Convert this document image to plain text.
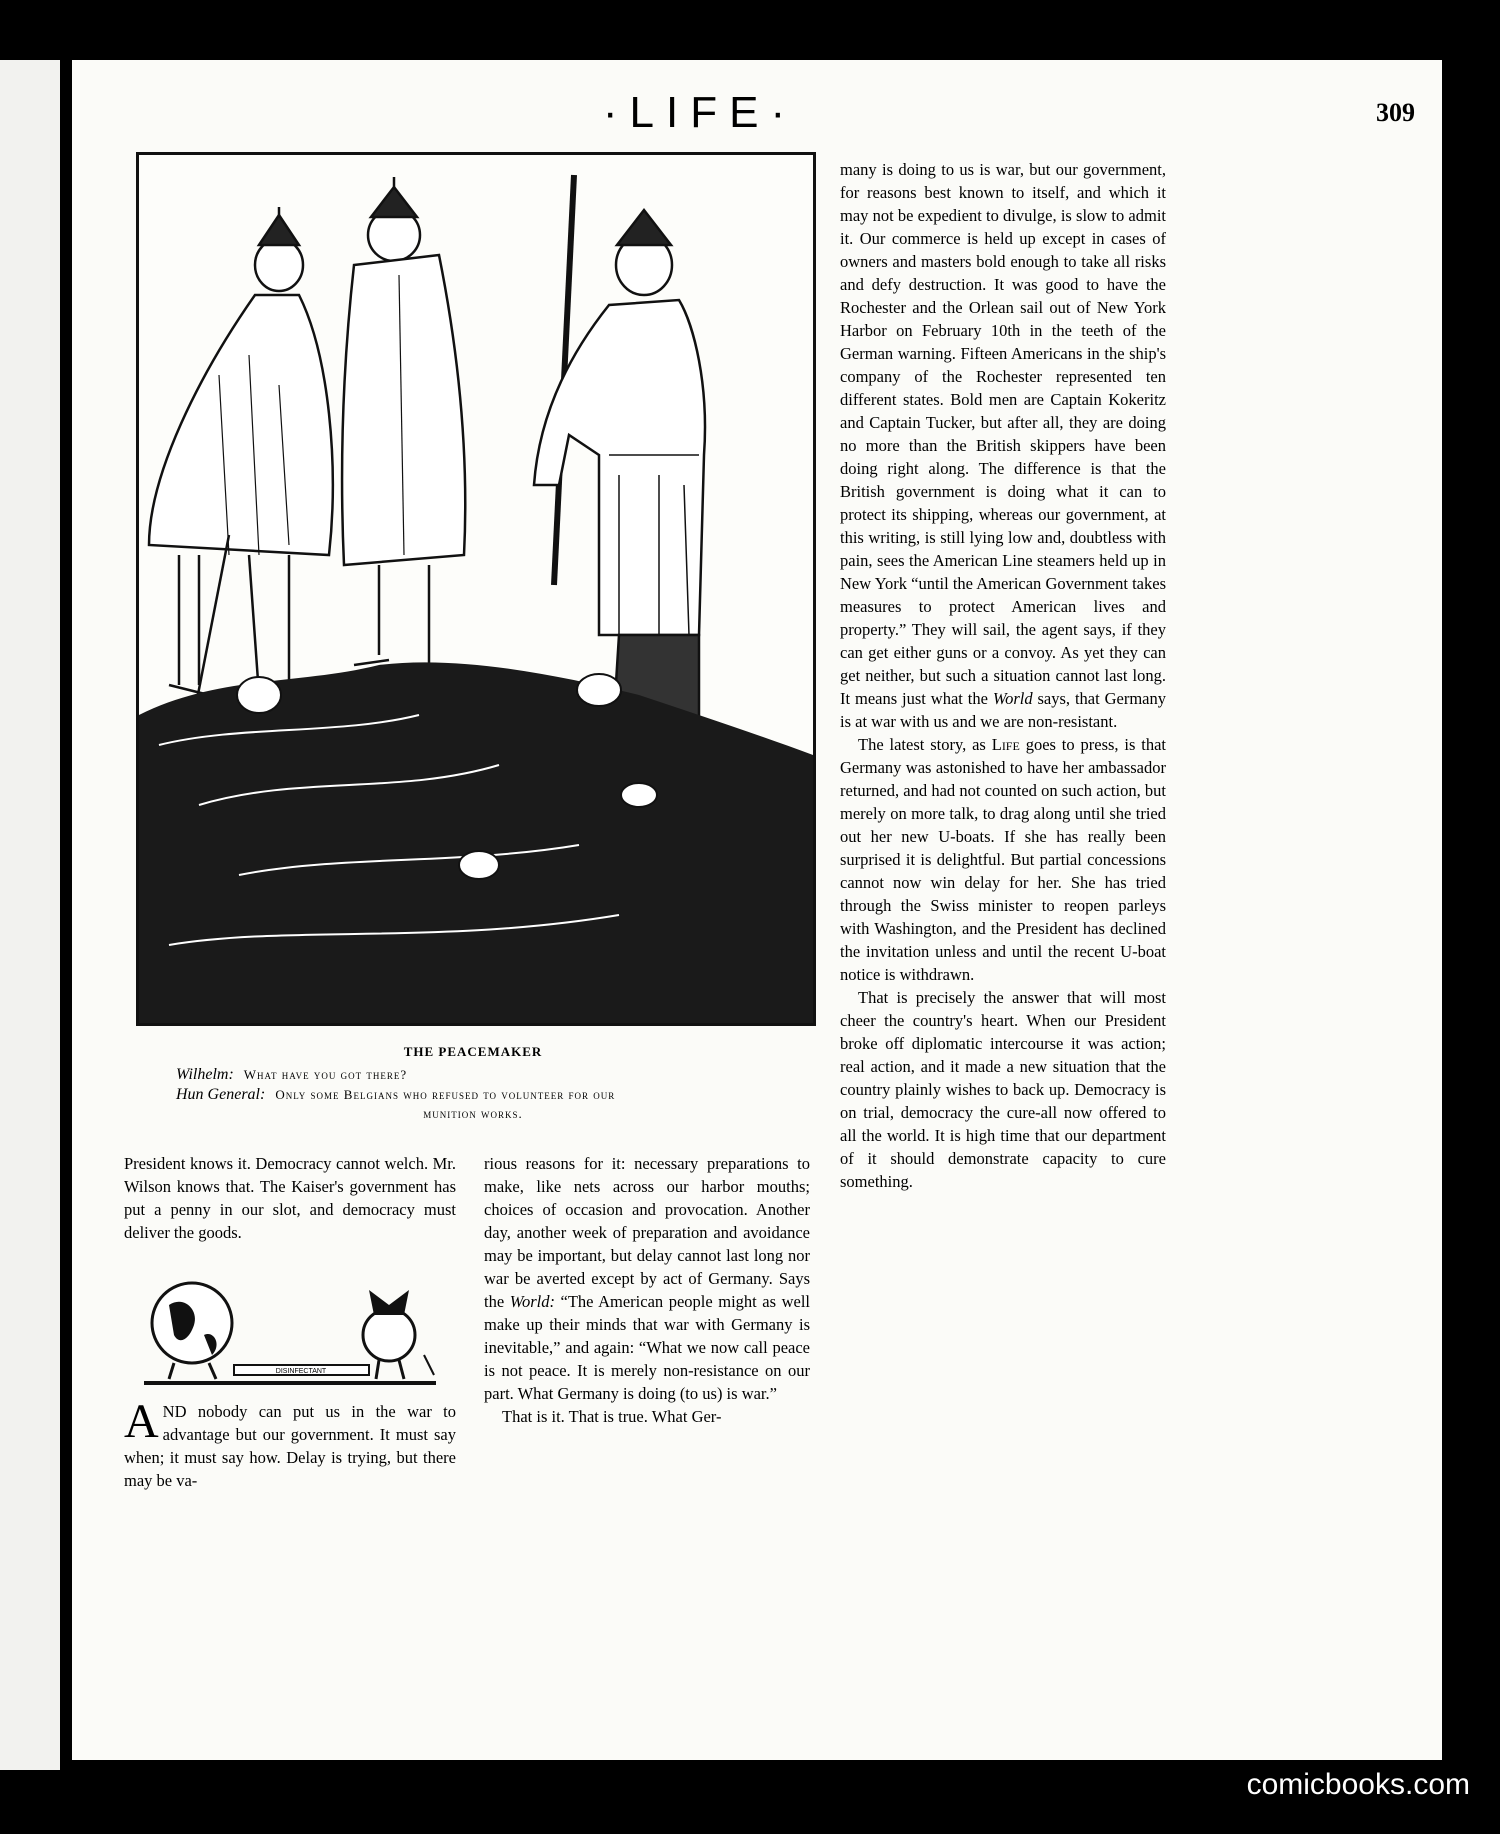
·LIFE·	309
THE PEACEMAKER
Wilhelm: What have you got there?
Hun General: Only some Belgians who refused to volunteer for our
munition works.

many is doing to us is war, but our government, for reasons best known to itself, and which it may not be expedient to divulge, is slow to admit it. Our commerce is held up except in cases of owners and masters bold enough to take all risks and defy destruction. It was good to have the Rochester and the Orlean sail out of New York Harbor on February 10th in the teeth of the German warning. Fifteen Americans in the ship's company of the Rochester represented ten different states. Bold men are Captain Kokeritz and Captain Tucker, but after all, they are doing no more than the British skippers have been doing right along. The difference is that the British government is doing what it can to protect its shipping, whereas our government, at this writing, is still lying low and, doubtless with pain, sees the American Line steamers held up in New York “until the American Government takes measures to protect American lives and property.” They will sail, the agent says, if they can get either guns or a convoy. As yet they can get neither, but such a situation cannot last long. It means just what the World says, that Germany is at war with us and we are non-resistant.

The latest story, as Life goes to press, is that Germany was astonished to have her ambassador returned, and had not counted on such action, but merely on more talk, to drag along until she tried out her new U-boats. If she has really been surprised it is delightful. But partial concessions cannot now win delay for her. She has tried through the Swiss minister to reopen parleys with Washington, and the President has declined the invitation unless and until the recent U-boat notice is withdrawn.

That is precisely the answer that will most cheer the country's heart. When our President broke off diplomatic intercourse it was action; real action, and it made a new situation that the country plainly wishes to back up. Democracy is on trial, democracy the cure-all now offered to all the world. It is high time that our department of it should demonstrate capacity to cure something.

President knows it. Democracy cannot welch. Mr. Wilson knows that. The Kaiser's government has put a penny in our slot, and democracy must deliver the goods.

DISINFECTANT

AND nobody can put us in the war to advantage but our government. It must say when; it must say how. Delay is trying, but there may be va-

rious reasons for it: necessary preparations to make, like nets across our harbor mouths; choices of occasion and provocation. Another day, another week of preparation and avoidance may be important, but delay cannot last long nor war be averted except by act of Germany. Says the World: “The American people might as well make up their minds that war with Germany is inevitable,” and again: “What we now call peace is not peace. It is merely non-resistance on our part. What Germany is doing (to us) is war.”

That is it. That is true. What Ger-

comicbooks.com
